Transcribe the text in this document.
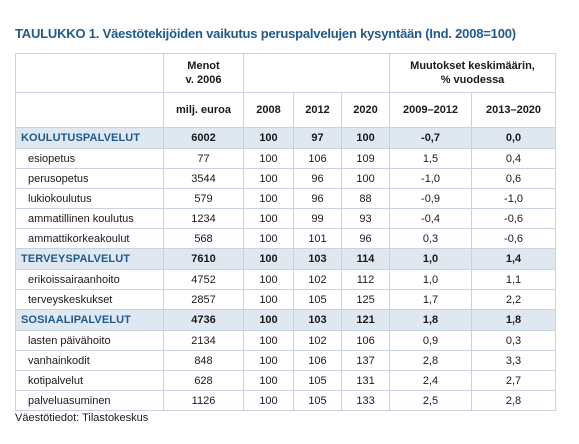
TAULUKKO 1. Väestötekijöiden vaikutus peruspalvelujen kysyntään (Ind. 2008=100)
	Menot
v. 2006				Muutokset keskimäärin,
% vuodessa	
	milj. euroa	2008	2012	2020	2009–2012	2013–2020
KOULUTUSPALVELUT	6002	100	97	100	-0,7	0,0
esiopetus	77	100	106	109	1,5	0,4
perusopetus	3544	100	96	100	-1,0	0,6
lukiokoulutus	579	100	96	88	-0,9	-1,0
ammatillinen koulutus	1234	100	99	93	-0,4	-0,6
ammattikorkeakoulut	568	100	101	96	0,3	-0,6
TERVEYSPALVELUT	7610	100	103	114	1,0	1,4
erikoissairaanhoito	4752	100	102	112	1,0	1,1
terveyskeskukset	2857	100	105	125	1,7	2,2
SOSIAALIPALVELUT	4736	100	103	121	1,8	1,8
lasten päivähoito	2134	100	102	106	0,9	0,3
vanhainkodit	848	100	106	137	2,8	3,3
kotipalvelut	628	100	105	131	2,4	2,7
palveluasuminen	1126	100	105	133	2,5	2,8
Väestötiedot: Tilastokeskus
